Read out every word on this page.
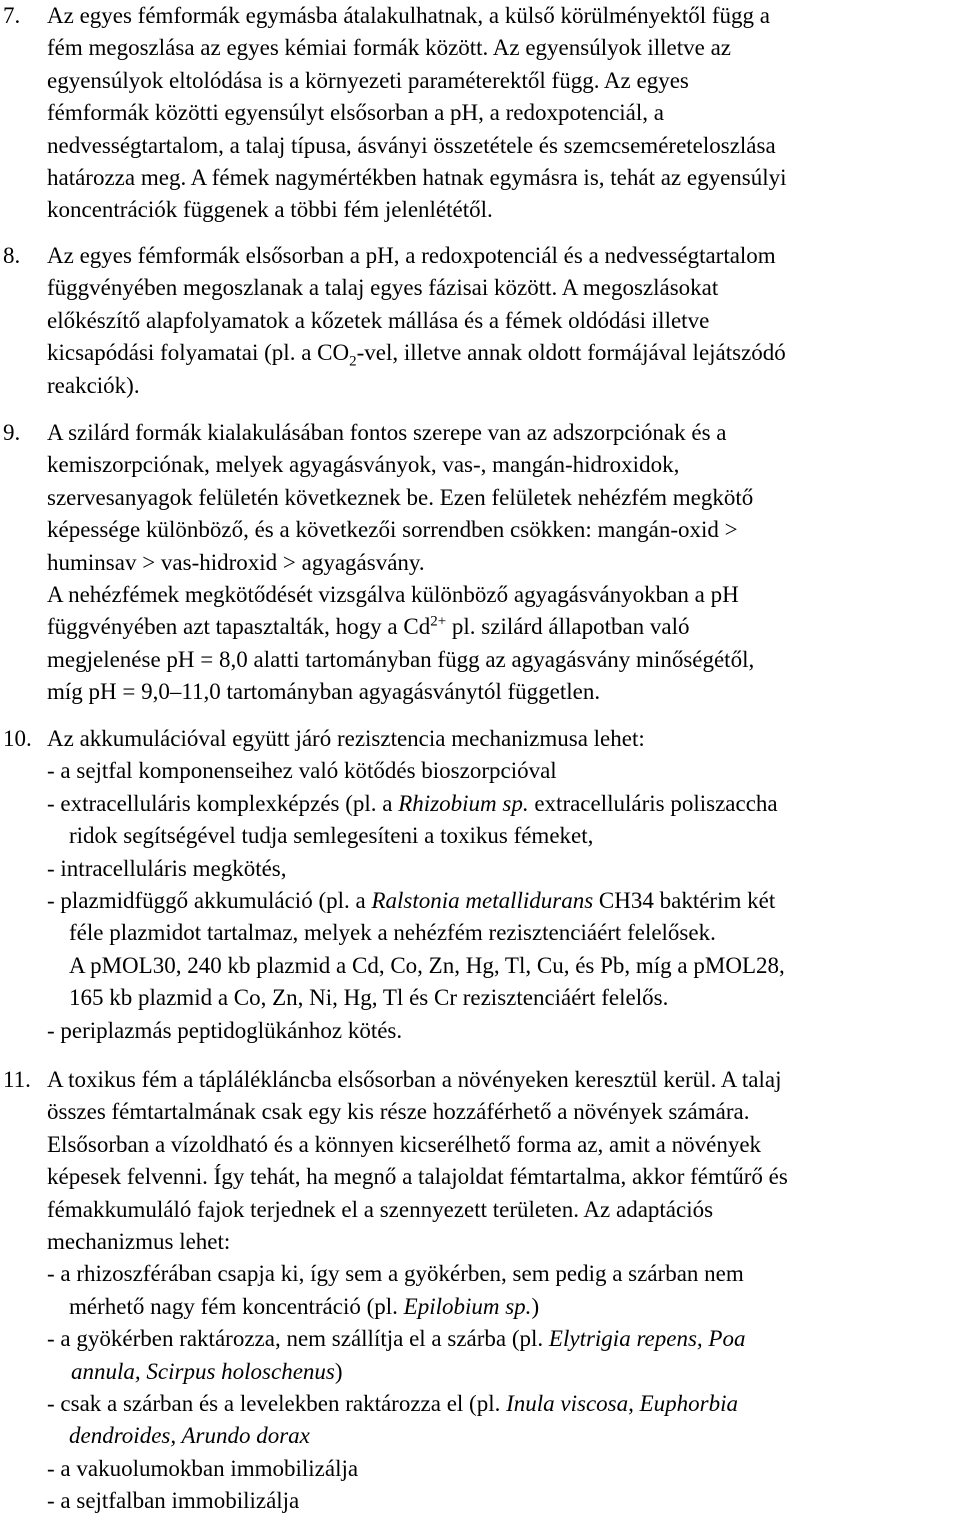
7. Az egyes fémformák egymásba átalakulhatnak, a külső körülményektől függ a
fém megoszlása az egyes kémiai formák között. Az egyensúlyok illetve az
egyensúlyok eltolódása is a környezeti paraméterektől függ. Az egyes
fémformák közötti egyensúlyt elsősorban a pH, a redoxpotenciál, a
nedvességtartalom, a talaj típusa, ásványi összetétele és szemcseméreteloszlása
határozza meg. A fémek nagymértékben hatnak egymásra is, tehát az egyensúlyi
koncentrációk függenek a többi fém jelenlététől.
8. Az egyes fémformák elsősorban a pH, a redoxpotenciál és a nedvességtartalom
függvényében megoszlanak a talaj egyes fázisai között. A megoszlásokat
előkészítő alapfolyamatok a kőzetek mállása és a fémek oldódási illetve
kicsapódási folyamatai (pl. a $CO_2$-vel, illetve annak oldott formájával lejátszódó
reakciók).
9. A szilárd formák kialakulásában fontos szerepe van az adszorpciónak és a
kemiszorpciónak, melyek agyagásványok, vas-, mangán-hidroxidok,
szervesanyagok felületén következnek be. Ezen felületek nehézfém megkötő
képessége különböző, és a következői sorrendben csökken: mangán-oxid >
huminsav > vas-hidroxid > agyagásvány.
A nehézfémek megkötődését vizsgálva különböző agyagásványokban a pH
függvényében azt tapasztalták, hogy a $Cd^{2+}$ pl. szilárd állapotban való
megjelenése pH = 8,0 alatti tartományban függ az agyagásvány minőségétől,
míg pH = 9,0–11,0 tartományban agyagásványtól független.
10. Az akkumulációval együtt járó rezisztencia mechanizmusa lehet:
- a sejtfal komponenseihez való kötődés bioszorpcióval
- extracelluláris komplexképzés (pl. a Rhizobium sp. extracelluláris poliszaccha
ridok segítségével tudja semlegesíteni a toxikus fémeket,
- intracelluláris megkötés,
- plazmidfüggő akkumuláció (pl. a Ralstonia metallidurans CH34 baktérim két
féle plazmidot tartalmaz, melyek a nehézfém rezisztenciáért felelősek.
A pMOL30, 240 kb plazmid a Cd, Co, Zn, Hg, Tl, Cu, és Pb, míg a pMOL28,
165 kb plazmid a Co, Zn, Ni, Hg, Tl és Cr rezisztenciáért felelős.
- periplazmás peptidoglükánhoz kötés.
11. A toxikus fém a táplálékláncba elsősorban a növényeken keresztül kerül. A talaj
összes fémtartalmának csak egy kis része hozzáférhető a növények számára.
Elsősorban a vízoldható és a könnyen kicserélhető forma az, amit a növények
képesek felvenni. Így tehát, ha megnő a talajoldat fémtartalma, akkor fémtűrő és
fémakkumuláló fajok terjednek el a szennyezett területen. Az adaptációs
mechanizmus lehet:
- a rhizoszférában csapja ki, így sem a gyökérben, sem pedig a szárban nem
mérhető nagy fém koncentráció (pl. Epilobium sp.)
- a gyökérben raktározza, nem szállítja el a szárba (pl. Elytrigia repens, Poa
annula, Scirpus holoschenus)
- csak a szárban és a levelekben raktározza el (pl. Inula viscosa, Euphorbia
dendroides, Arundo dorax
- a vakuolumokban immobilizálja
- a sejtfalban immobilizálja
